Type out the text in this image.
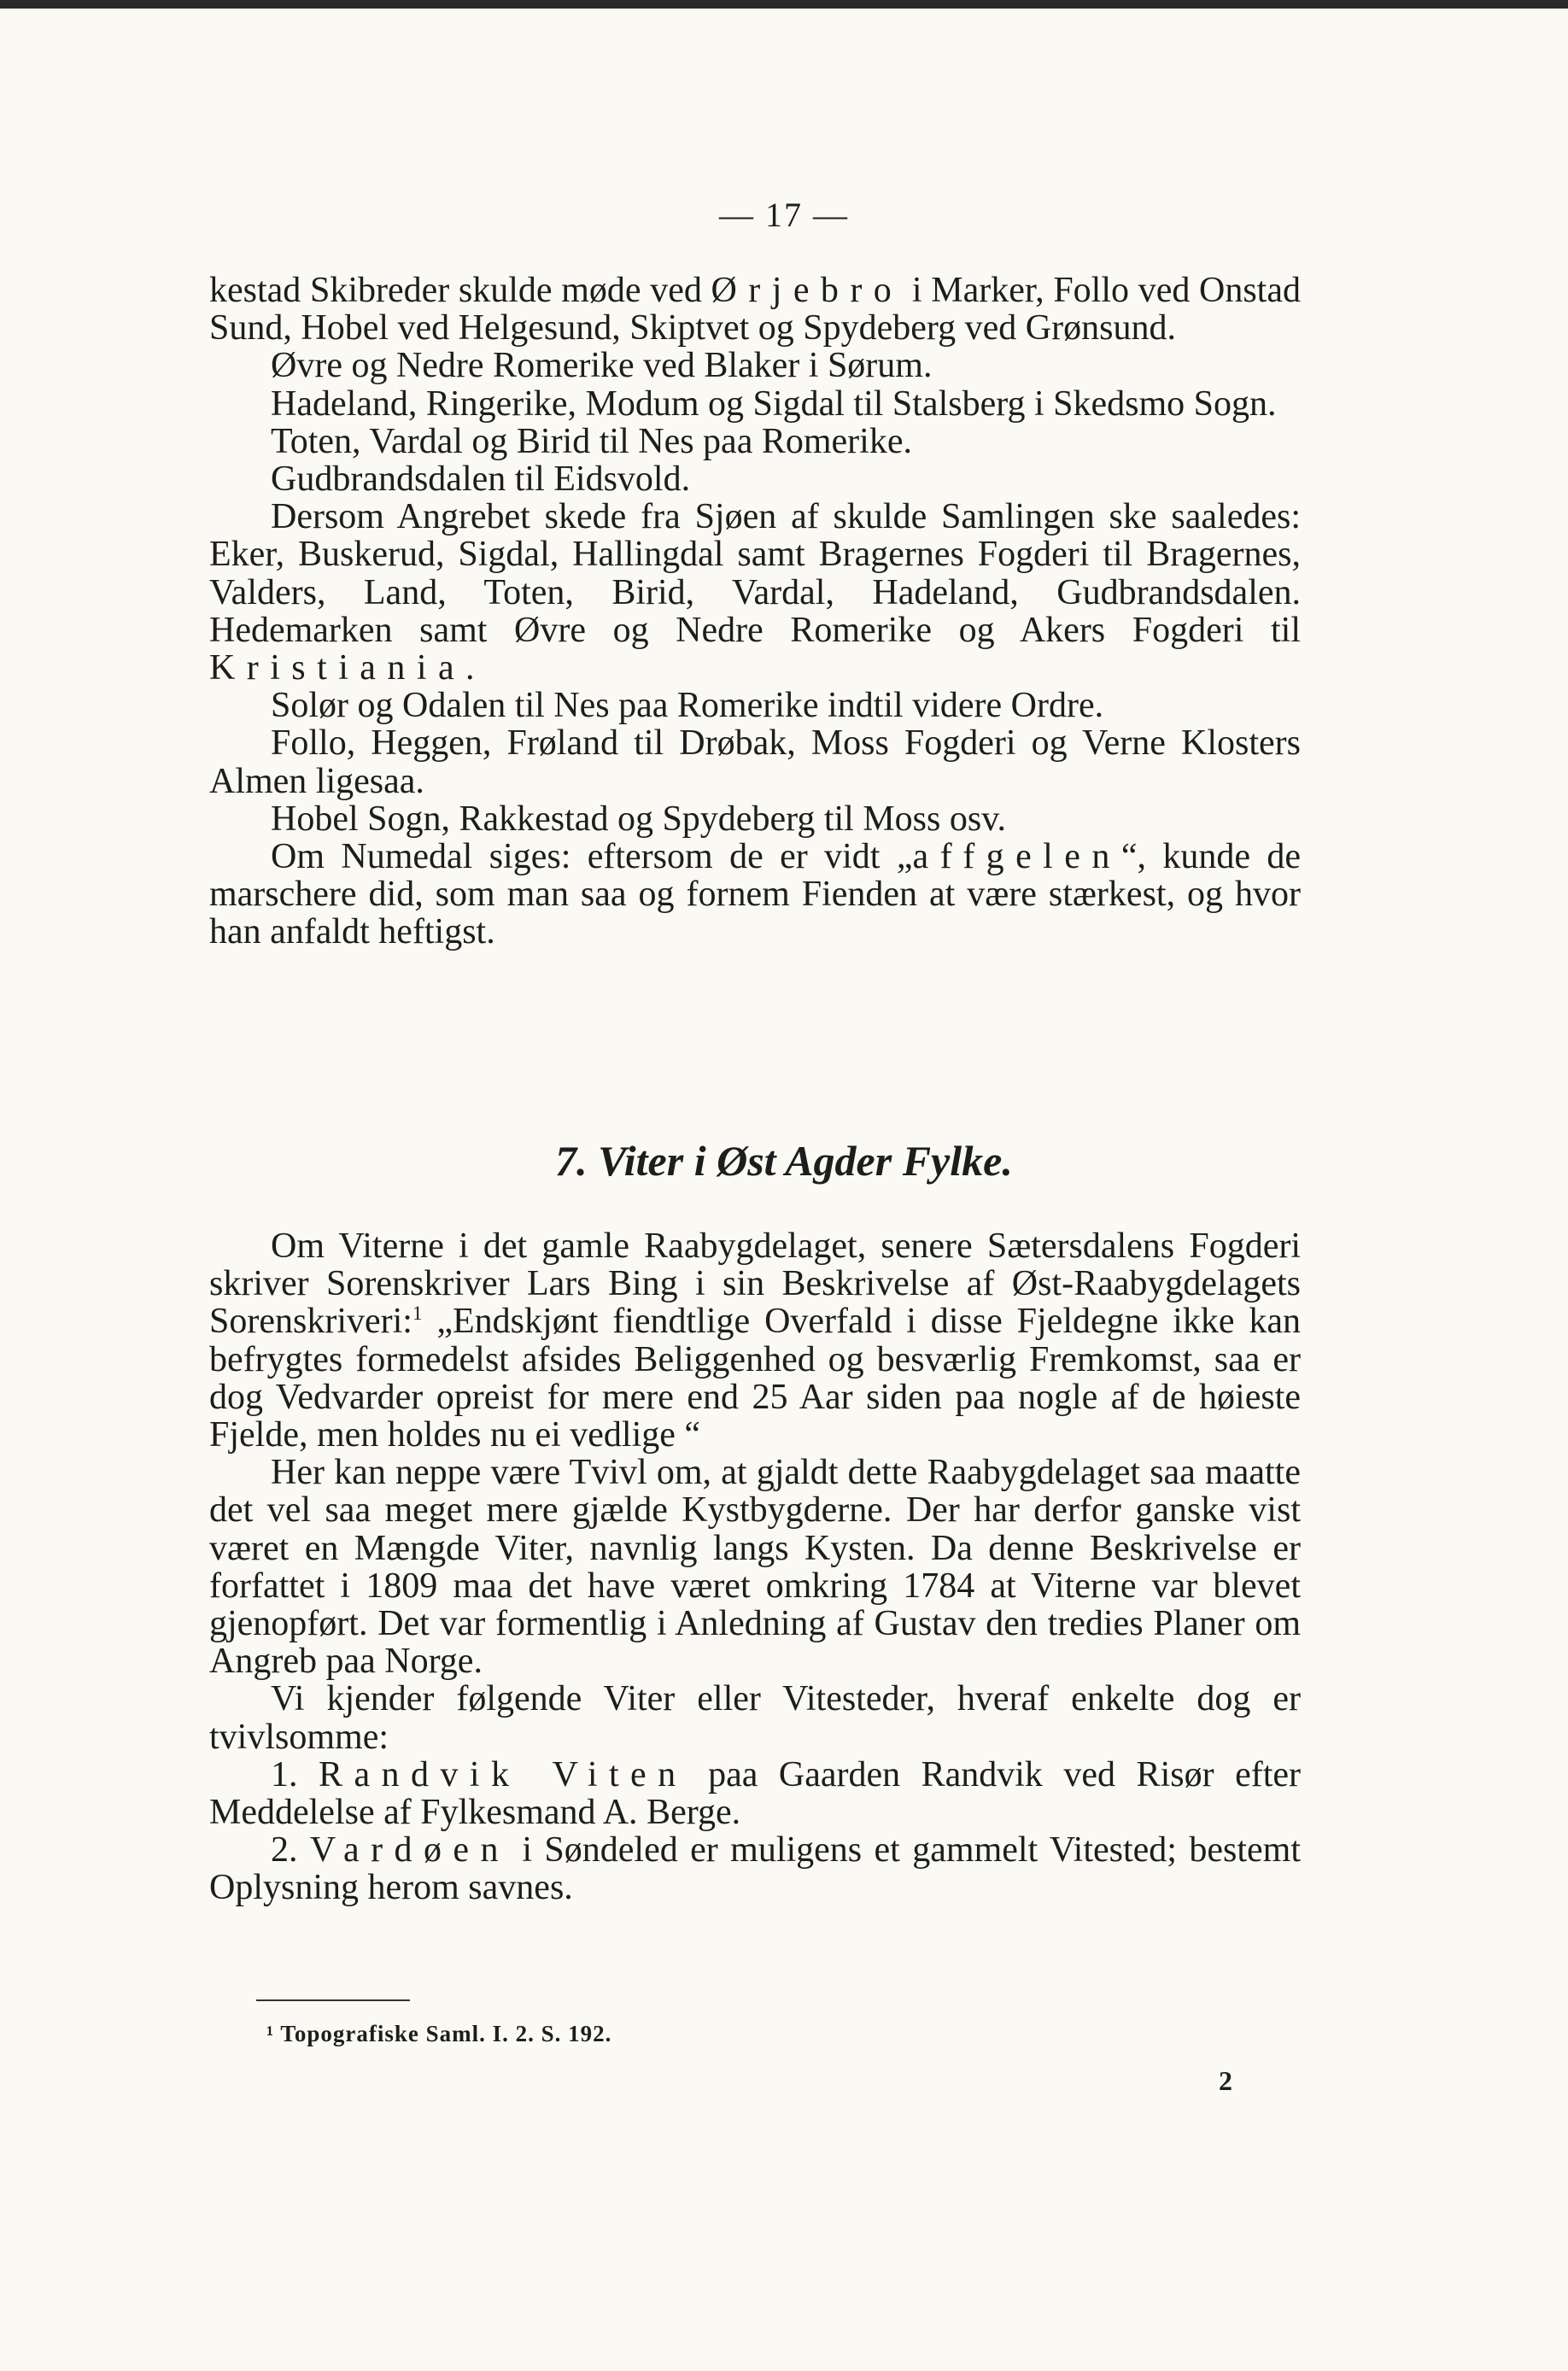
— 17 —

kestad Skibreder skulde møde ved Ørjebro i Marker, Follo ved Onstad Sund, Hobel ved Helgesund, Skiptvet og Spydeberg ved Grønsund.

Øvre og Nedre Romerike ved Blaker i Sørum.

Hadeland, Ringerike, Modum og Sigdal til Stalsberg i Skedsmo Sogn.

Toten, Vardal og Birid til Nes paa Romerike.

Gudbrandsdalen til Eidsvold.

Dersom Angrebet skede fra Sjøen af skulde Samlingen ske saaledes: Eker, Buskerud, Sigdal, Hallingdal samt Bragernes Fogderi til Bragernes, Valders, Land, Toten, Birid, Vardal, Hadeland, Gudbrandsdalen. Hedemarken samt Øvre og Nedre Romerike og Akers Fogderi til Kristiania.

Solør og Odalen til Nes paa Romerike indtil videre Ordre.

Follo, Heggen, Frøland til Drøbak, Moss Fogderi og Verne Klosters Almen ligesaa.

Hobel Sogn, Rakkestad og Spydeberg til Moss osv.

Om Numedal siges: eftersom de er vidt „affgelen“, kunde de marschere did, som man saa og fornem Fienden at være stærkest, og hvor han anfaldt heftigst.

7. Viter i Øst Agder Fylke.

Om Viterne i det gamle Raabygdelaget, senere Sætersdalens Fogderi skriver Sorenskriver Lars Bing i sin Beskrivelse af Øst-Raabygdelagets Sorenskriveri:$^1$ „Endskjønt fiendtlige Overfald i disse Fjeldegne ikke kan befrygtes formedelst afsides Beliggenhed og besværlig Fremkomst, saa er dog Vedvarder opreist for mere end 25 Aar siden paa nogle af de høieste Fjelde, men holdes nu ei vedlige “

Her kan neppe være Tvivl om, at gjaldt dette Raabygdelaget saa maatte det vel saa meget mere gjælde Kystbygderne. Der har derfor ganske vist været en Mængde Viter, navnlig langs Kysten. Da denne Beskrivelse er forfattet i 1809 maa det have været omkring 1784 at Viterne var blevet gjenopført. Det var formentlig i Anledning af Gustav den tredies Planer om Angreb paa Norge.

Vi kjender følgende Viter eller Vitesteder, hveraf enkelte dog er tvivlsomme:

1. Randvik Viten paa Gaarden Randvik ved Risør efter Meddelelse af Fylkesmand A. Berge.

2. Vardøen i Søndeled er muligens et gammelt Vitested; bestemt Oplysning herom savnes.

¹ Topografiske Saml. I. 2. S. 192.
2
